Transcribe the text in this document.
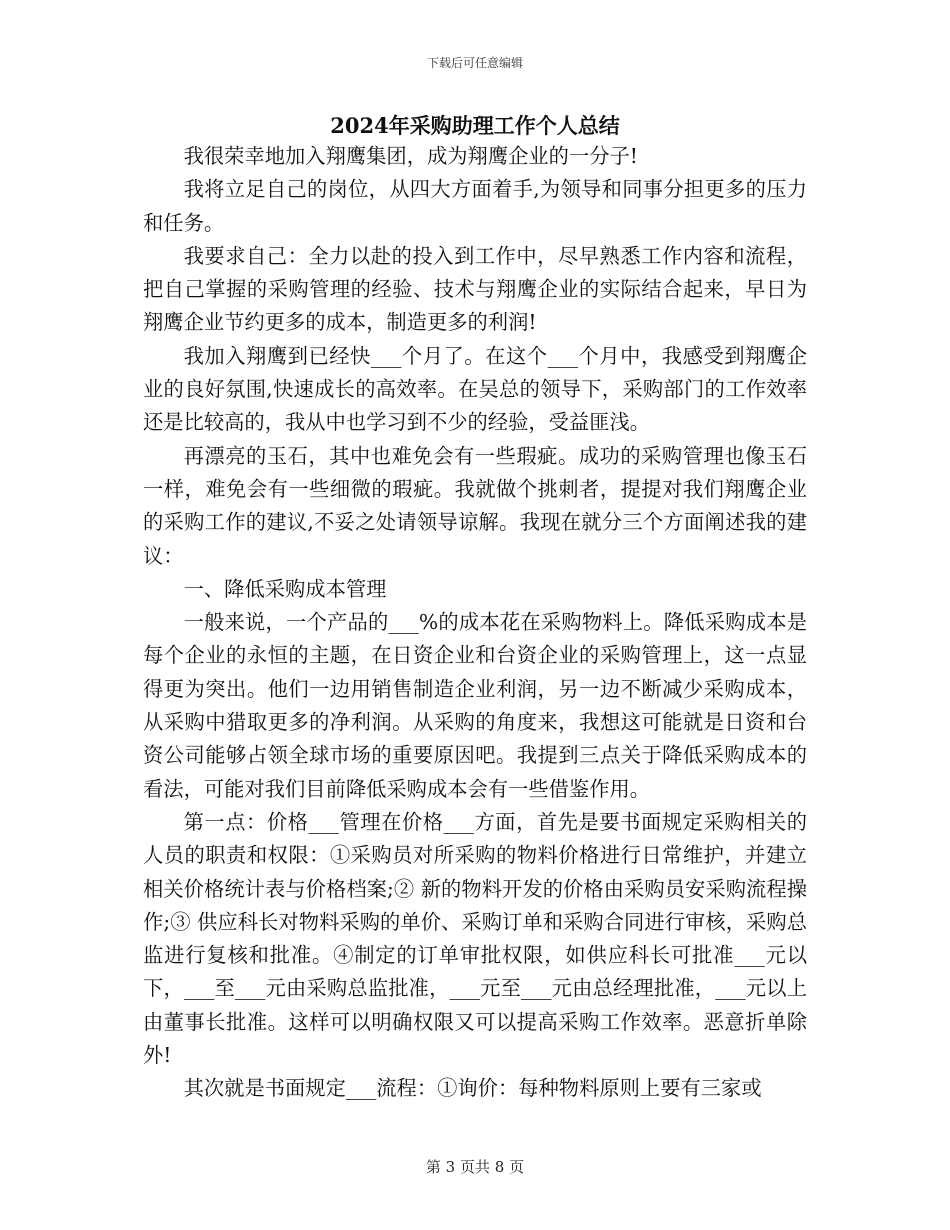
下载后可任意编辑
2024年采购助理工作个人总结

我很荣幸地加入翔鹰集团，成为翔鹰企业的一分子!

我将立足自己的岗位，从四大方面着手,为领导和同事分担更多的压力和任务。

我要求自己：全力以赴的投入到工作中，尽早熟悉工作内容和流程，把自己掌握的采购管理的经验、技术与翔鹰企业的实际结合起来，早日为翔鹰企业节约更多的成本，制造更多的利润!

我加入翔鹰到已经快___个月了。在这个___个月中，我感受到翔鹰企业的良好氛围,快速成长的高效率。在吴总的领导下，采购部门的工作效率还是比较高的，我从中也学习到不少的经验，受益匪浅。

再漂亮的玉石，其中也难免会有一些瑕疵。成功的采购管理也像玉石一样，难免会有一些细微的瑕疵。我就做个挑刺者，提提对我们翔鹰企业的采购工作的建议,不妥之处请领导谅解。我现在就分三个方面阐述我的建议：

一、降低采购成本管理

一般来说，一个产品的___%的成本花在采购物料上。降低采购成本是每个企业的永恒的主题，在日资企业和台资企业的采购管理上，这一点显得更为突出。他们一边用销售制造企业利润，另一边不断减少采购成本，从采购中猎取更多的净利润。从采购的角度来，我想这可能就是日资和台资公司能够占领全球市场的重要原因吧。我提到三点关于降低采购成本的看法，可能对我们目前降低采购成本会有一些借鉴作用。

第一点：价格___管理在价格___方面，首先是要书面规定采购相关的人员的职责和权限：①采购员对所采购的物料价格进行日常维护，并建立相关价格统计表与价格档案;② 新的物料开发的价格由采购员安采购流程操作;③ 供应科长对物料采购的单价、采购订单和采购合同进行审核，采购总监进行复核和批准。④制定的订单审批权限，如供应科长可批准___元以下，___至___元由采购总监批准，___元至___元由总经理批准，___元以上由董事长批准。这样可以明确权限又可以提高采购工作效率。恶意折单除外!

其次就是书面规定___流程：①询价：每种物料原则上要有三家或

第 3 页共 8 页
